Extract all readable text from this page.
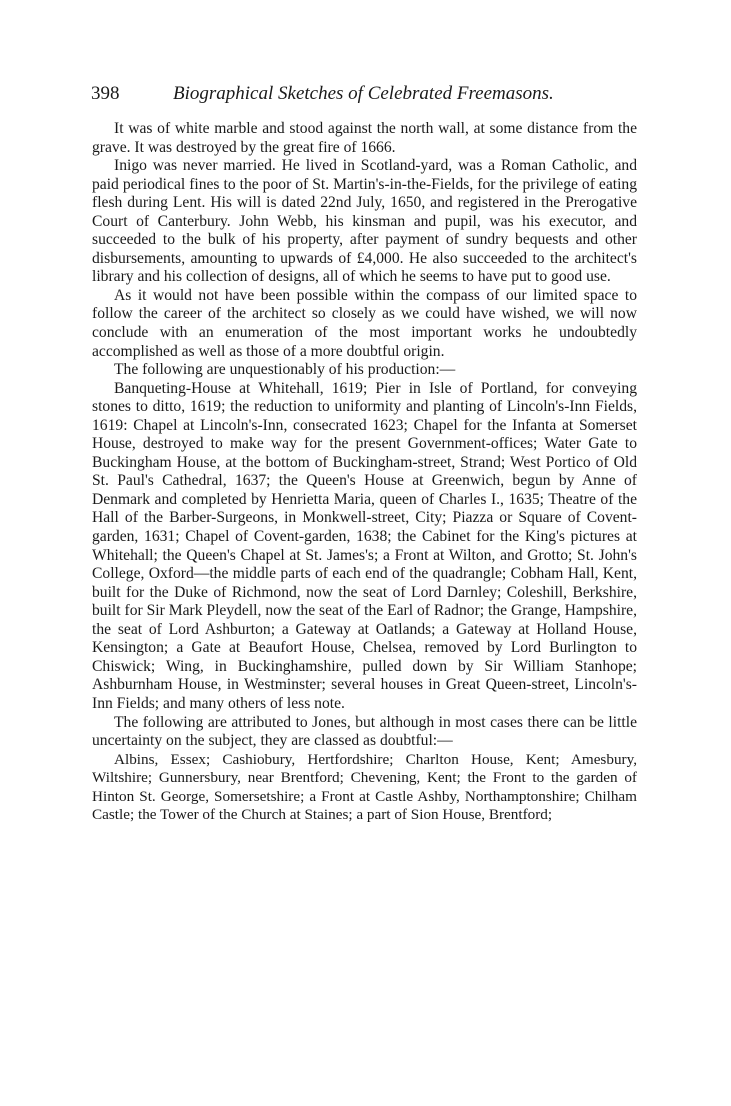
398	Biographical Sketches of Celebrated Freemasons.

It was of white marble and stood against the north wall, at some distance from the grave. It was destroyed by the great fire of 1666.

Inigo was never married. He lived in Scotland-yard, was a Roman Catholic, and paid periodical fines to the poor of St. Martin's-in-the-Fields, for the privilege of eating flesh during Lent. His will is dated 22nd July, 1650, and registered in the Prerogative Court of Canterbury. John Webb, his kinsman and pupil, was his executor, and succeeded to the bulk of his property, after payment of sundry bequests and other disbursements, amounting to upwards of £4,000. He also succeeded to the architect's library and his collection of designs, all of which he seems to have put to good use.

As it would not have been possible within the compass of our limited space to follow the career of the architect so closely as we could have wished, we will now conclude with an enumeration of the most important works he undoubtedly accomplished as well as those of a more doubtful origin.

The following are unquestionably of his production:—

Banqueting-House at Whitehall, 1619; Pier in Isle of Portland, for conveying stones to ditto, 1619; the reduction to uniformity and planting of Lincoln's-Inn Fields, 1619: Chapel at Lincoln's-Inn, consecrated 1623; Chapel for the Infanta at Somerset House, destroyed to make way for the present Government-offices; Water Gate to Buckingham House, at the bottom of Buckingham-street, Strand; West Portico of Old St. Paul's Cathedral, 1637; the Queen's House at Greenwich, begun by Anne of Denmark and completed by Henrietta Maria, queen of Charles I., 1635; Theatre of the Hall of the Barber-Surgeons, in Monkwell-street, City; Piazza or Square of Covent-garden, 1631; Chapel of Covent-garden, 1638; the Cabinet for the King's pictures at Whitehall; the Queen's Chapel at St. James's; a Front at Wilton, and Grotto; St. John's College, Oxford—the middle parts of each end of the quadrangle; Cobham Hall, Kent, built for the Duke of Richmond, now the seat of Lord Darnley; Coleshill, Berkshire, built for Sir Mark Pleydell, now the seat of the Earl of Radnor; the Grange, Hampshire, the seat of Lord Ashburton; a Gateway at Oatlands; a Gateway at Holland House, Kensington; a Gate at Beaufort House, Chelsea, removed by Lord Burlington to Chiswick; Wing, in Buckinghamshire, pulled down by Sir William Stanhope; Ashburnham House, in Westminster; several houses in Great Queen-street, Lincoln's-Inn Fields; and many others of less note.

The following are attributed to Jones, but although in most cases there can be little uncertainty on the subject, they are classed as doubtful:—

Albins, Essex; Cashiobury, Hertfordshire; Charlton House, Kent; Amesbury, Wiltshire; Gunnersbury, near Brentford; Chevening, Kent; the Front to the garden of Hinton St. George, Somersetshire; a Front at Castle Ashby, Northamptonshire; Chilham Castle; the Tower of the Church at Staines; a part of Sion House, Brentford;
